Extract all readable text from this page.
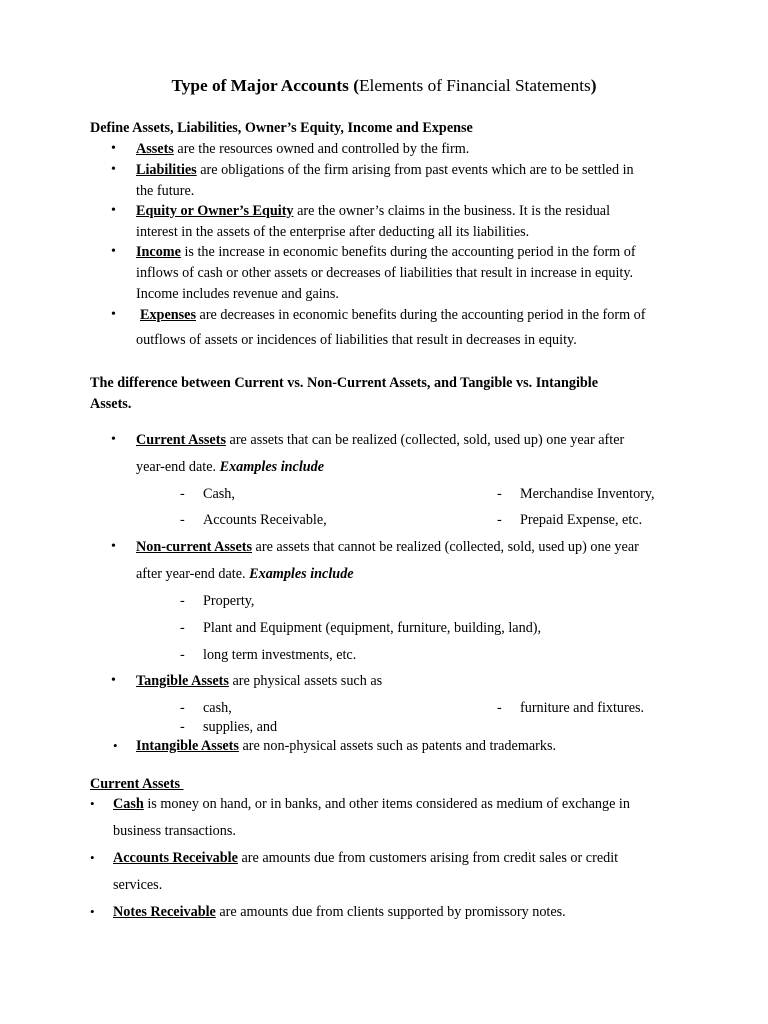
Type of Major Accounts (Elements of Financial Statements)
Define Assets, Liabilities, Owner’s Equity, Income and Expense
• Assets are the resources owned and controlled by the firm.
• Liabilities are obligations of the firm arising from past events which are to be settled in
the future.
• Equity or Owner’s Equity are the owner’s claims in the business. It is the residual
interest in the assets of the enterprise after deducting all its liabilities.
• Income is the increase in economic benefits during the accounting period in the form of
inflows of cash or other assets or decreases of liabilities that result in increase in equity.
Income includes revenue and gains.
• Expenses are decreases in economic benefits during the accounting period in the form of
outflows of assets or incidences of liabilities that result in decreases in equity.
The difference between Current vs. Non-Current Assets, and Tangible vs. Intangible
Assets.
• Current Assets are assets that can be realized (collected, sold, used up) one year after
year-end date. Examples include
- Cash,	- Merchandise Inventory,
- Accounts Receivable,	- Prepaid Expense, etc.
• Non-current Assets are assets that cannot be realized (collected, sold, used up) one year
after year-end date. Examples include
- Property,
- Plant and Equipment (equipment, furniture, building, land),
- long term investments, etc.
• Tangible Assets are physical assets such as
- cash,	- furniture and fixtures.
- supplies, and
• Intangible Assets are non-physical assets such as patents and trademarks.
Current Assets
• Cash is money on hand, or in banks, and other items considered as medium of exchange in
business transactions.
• Accounts Receivable are amounts due from customers arising from credit sales or credit
services.
• Notes Receivable are amounts due from clients supported by promissory notes.
